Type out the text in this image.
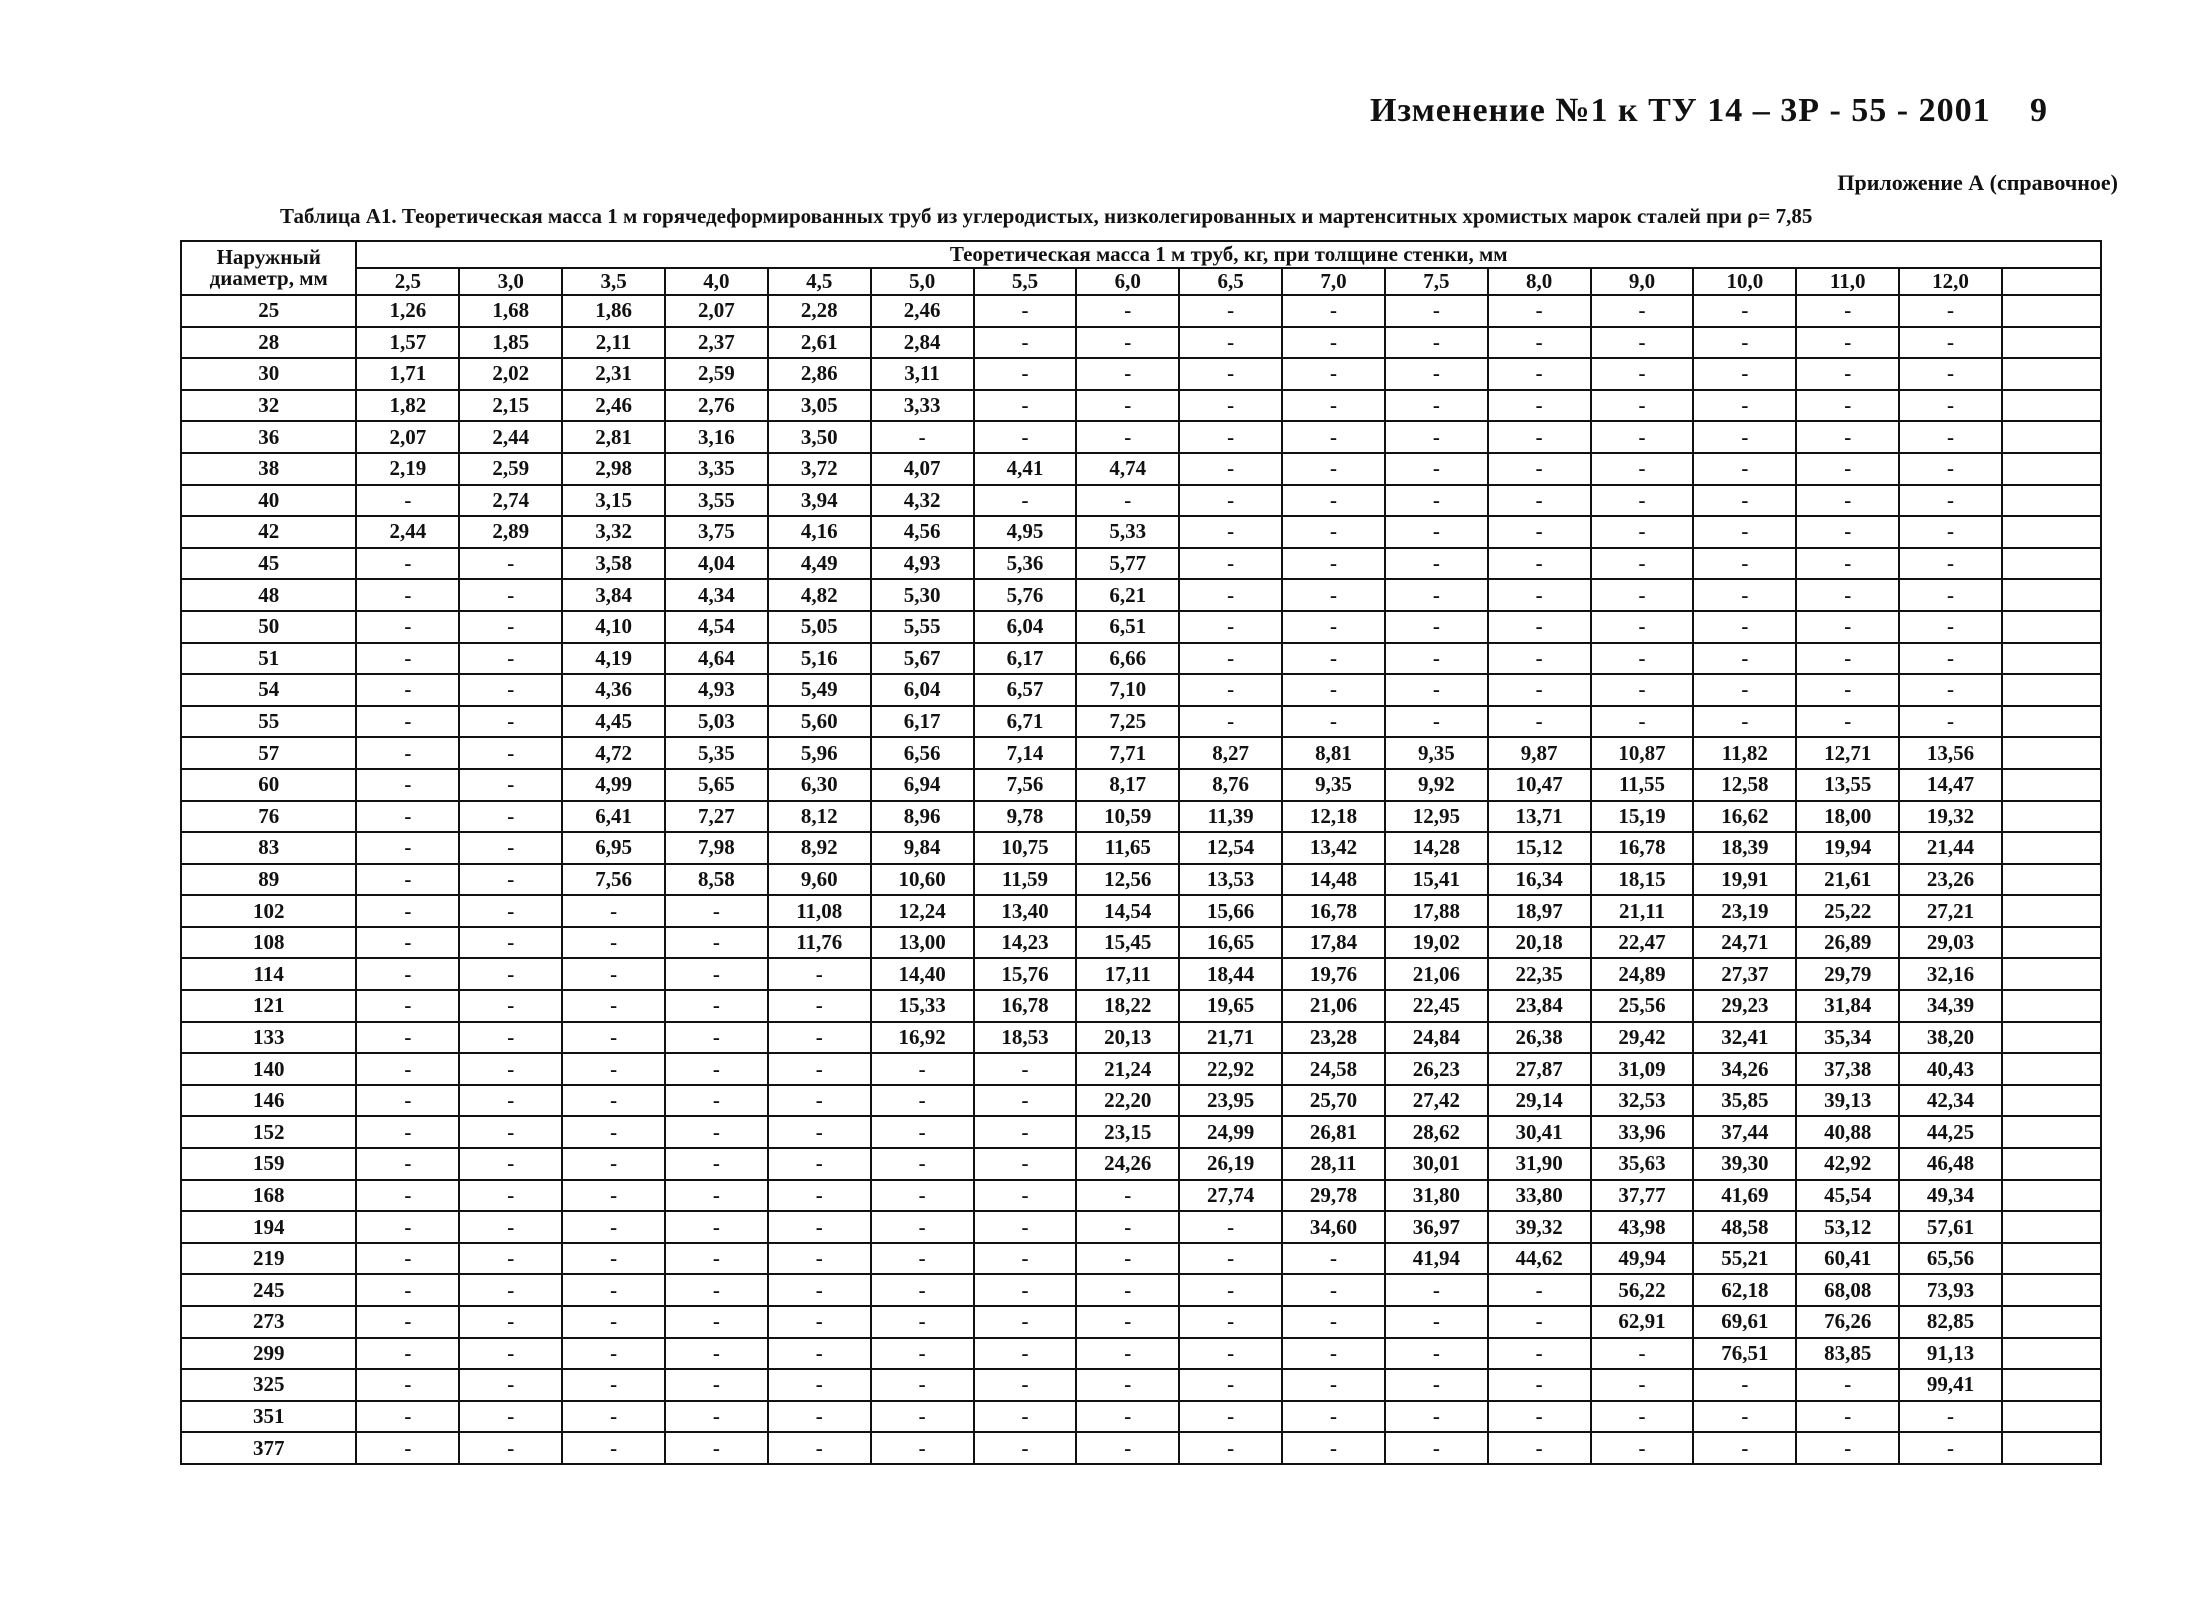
Изменение №1 к ТУ 14 – 3Р - 55 - 2001 9
Приложение А (справочное)
Таблица А1. Теоретическая масса 1 м горячедеформированных труб из углеродистых, низколегированных и мартенситных хромистых марок сталей при ρ= 7,85
Наружный диаметр, мм	Теоретическая масса 1 м труб, кг, при толщине стенки, мм																
	2,5	3,0	3,5	4,0	4,5	5,0	5,5	6,0	6,5	7,0	7,5	8,0	9,0	10,0	11,0	12,0	
25	1,26	1,68	1,86	2,07	2,28	2,46	-	-	-	-	-	-	-	-	-	-	
28	1,57	1,85	2,11	2,37	2,61	2,84	-	-	-	-	-	-	-	-	-	-	
30	1,71	2,02	2,31	2,59	2,86	3,11	-	-	-	-	-	-	-	-	-	-	
32	1,82	2,15	2,46	2,76	3,05	3,33	-	-	-	-	-	-	-	-	-	-	
36	2,07	2,44	2,81	3,16	3,50	-	-	-	-	-	-	-	-	-	-	-	
38	2,19	2,59	2,98	3,35	3,72	4,07	4,41	4,74	-	-	-	-	-	-	-	-	
40	-	2,74	3,15	3,55	3,94	4,32	-	-	-	-	-	-	-	-	-	-	
42	2,44	2,89	3,32	3,75	4,16	4,56	4,95	5,33	-	-	-	-	-	-	-	-	
45	-	-	3,58	4,04	4,49	4,93	5,36	5,77	-	-	-	-	-	-	-	-	
48	-	-	3,84	4,34	4,82	5,30	5,76	6,21	-	-	-	-	-	-	-	-	
50	-	-	4,10	4,54	5,05	5,55	6,04	6,51	-	-	-	-	-	-	-	-	
51	-	-	4,19	4,64	5,16	5,67	6,17	6,66	-	-	-	-	-	-	-	-	
54	-	-	4,36	4,93	5,49	6,04	6,57	7,10	-	-	-	-	-	-	-	-	
55	-	-	4,45	5,03	5,60	6,17	6,71	7,25	-	-	-	-	-	-	-	-	
57	-	-	4,72	5,35	5,96	6,56	7,14	7,71	8,27	8,81	9,35	9,87	10,87	11,82	12,71	13,56	
60	-	-	4,99	5,65	6,30	6,94	7,56	8,17	8,76	9,35	9,92	10,47	11,55	12,58	13,55	14,47	
76	-	-	6,41	7,27	8,12	8,96	9,78	10,59	11,39	12,18	12,95	13,71	15,19	16,62	18,00	19,32	
83	-	-	6,95	7,98	8,92	9,84	10,75	11,65	12,54	13,42	14,28	15,12	16,78	18,39	19,94	21,44	
89	-	-	7,56	8,58	9,60	10,60	11,59	12,56	13,53	14,48	15,41	16,34	18,15	19,91	21,61	23,26	
102	-	-	-	-	11,08	12,24	13,40	14,54	15,66	16,78	17,88	18,97	21,11	23,19	25,22	27,21	
108	-	-	-	-	11,76	13,00	14,23	15,45	16,65	17,84	19,02	20,18	22,47	24,71	26,89	29,03	
114	-	-	-	-	-	14,40	15,76	17,11	18,44	19,76	21,06	22,35	24,89	27,37	29,79	32,16	
121	-	-	-	-	-	15,33	16,78	18,22	19,65	21,06	22,45	23,84	25,56	29,23	31,84	34,39	
133	-	-	-	-	-	16,92	18,53	20,13	21,71	23,28	24,84	26,38	29,42	32,41	35,34	38,20	
140	-	-	-	-	-	-	-	21,24	22,92	24,58	26,23	27,87	31,09	34,26	37,38	40,43	
146	-	-	-	-	-	-	-	22,20	23,95	25,70	27,42	29,14	32,53	35,85	39,13	42,34	
152	-	-	-	-	-	-	-	23,15	24,99	26,81	28,62	30,41	33,96	37,44	40,88	44,25	
159	-	-	-	-	-	-	-	24,26	26,19	28,11	30,01	31,90	35,63	39,30	42,92	46,48	
168	-	-	-	-	-	-	-	-	27,74	29,78	31,80	33,80	37,77	41,69	45,54	49,34	
194	-	-	-	-	-	-	-	-	-	34,60	36,97	39,32	43,98	48,58	53,12	57,61	
219	-	-	-	-	-	-	-	-	-	-	41,94	44,62	49,94	55,21	60,41	65,56	
245	-	-	-	-	-	-	-	-	-	-	-	-	56,22	62,18	68,08	73,93	
273	-	-	-	-	-	-	-	-	-	-	-	-	62,91	69,61	76,26	82,85	
299	-	-	-	-	-	-	-	-	-	-	-	-	-	76,51	83,85	91,13	
325	-	-	-	-	-	-	-	-	-	-	-	-	-	-	-	99,41	
351	-	-	-	-	-	-	-	-	-	-	-	-	-	-	-	-	
377	-	-	-	-	-	-	-	-	-	-	-	-	-	-	-	-	
